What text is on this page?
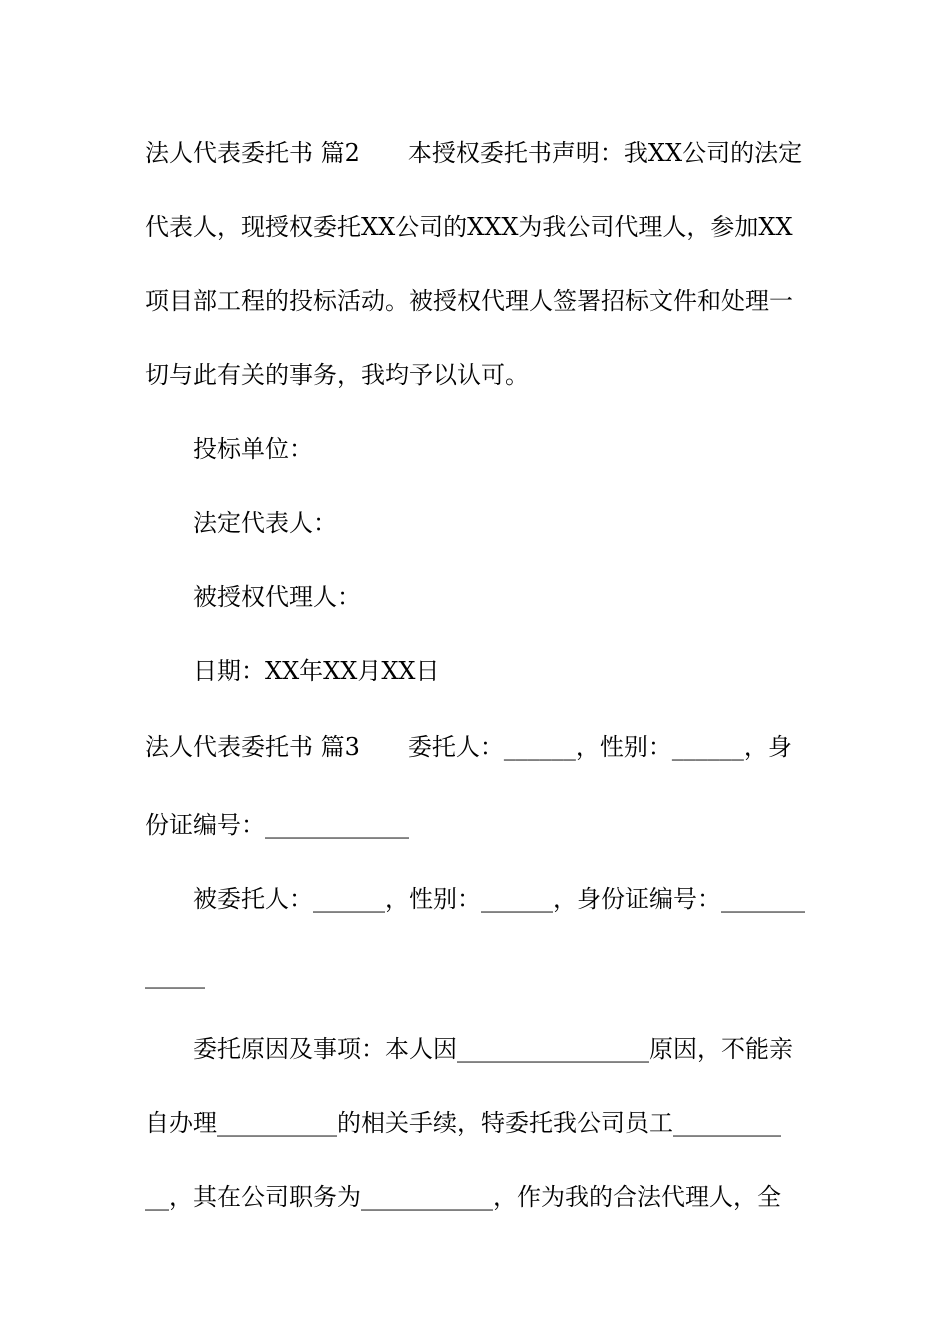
法人代表委托书 篇2　　本授权委托书声明：我XX公司的法定
代表人，现授权委托XX公司的XXX为我公司代理人，参加XX
项目部工程的投标活动。被授权代理人签署招标文件和处理一
切与此有关的事务，我均予以认可。
投标单位：
法定代表人：
被授权代理人：
日期：XX年XX月XX日
法人代表委托书 篇3　　委托人：______，性别：______，身
份证编号：____________
被委托人：______，性别：______，身份证编号：_______
_____
委托原因及事项：本人因________________原因，不能亲
自办理__________的相关手续，特委托我公司员工_________
__，其在公司职务为___________，作为我的合法代理人，全
